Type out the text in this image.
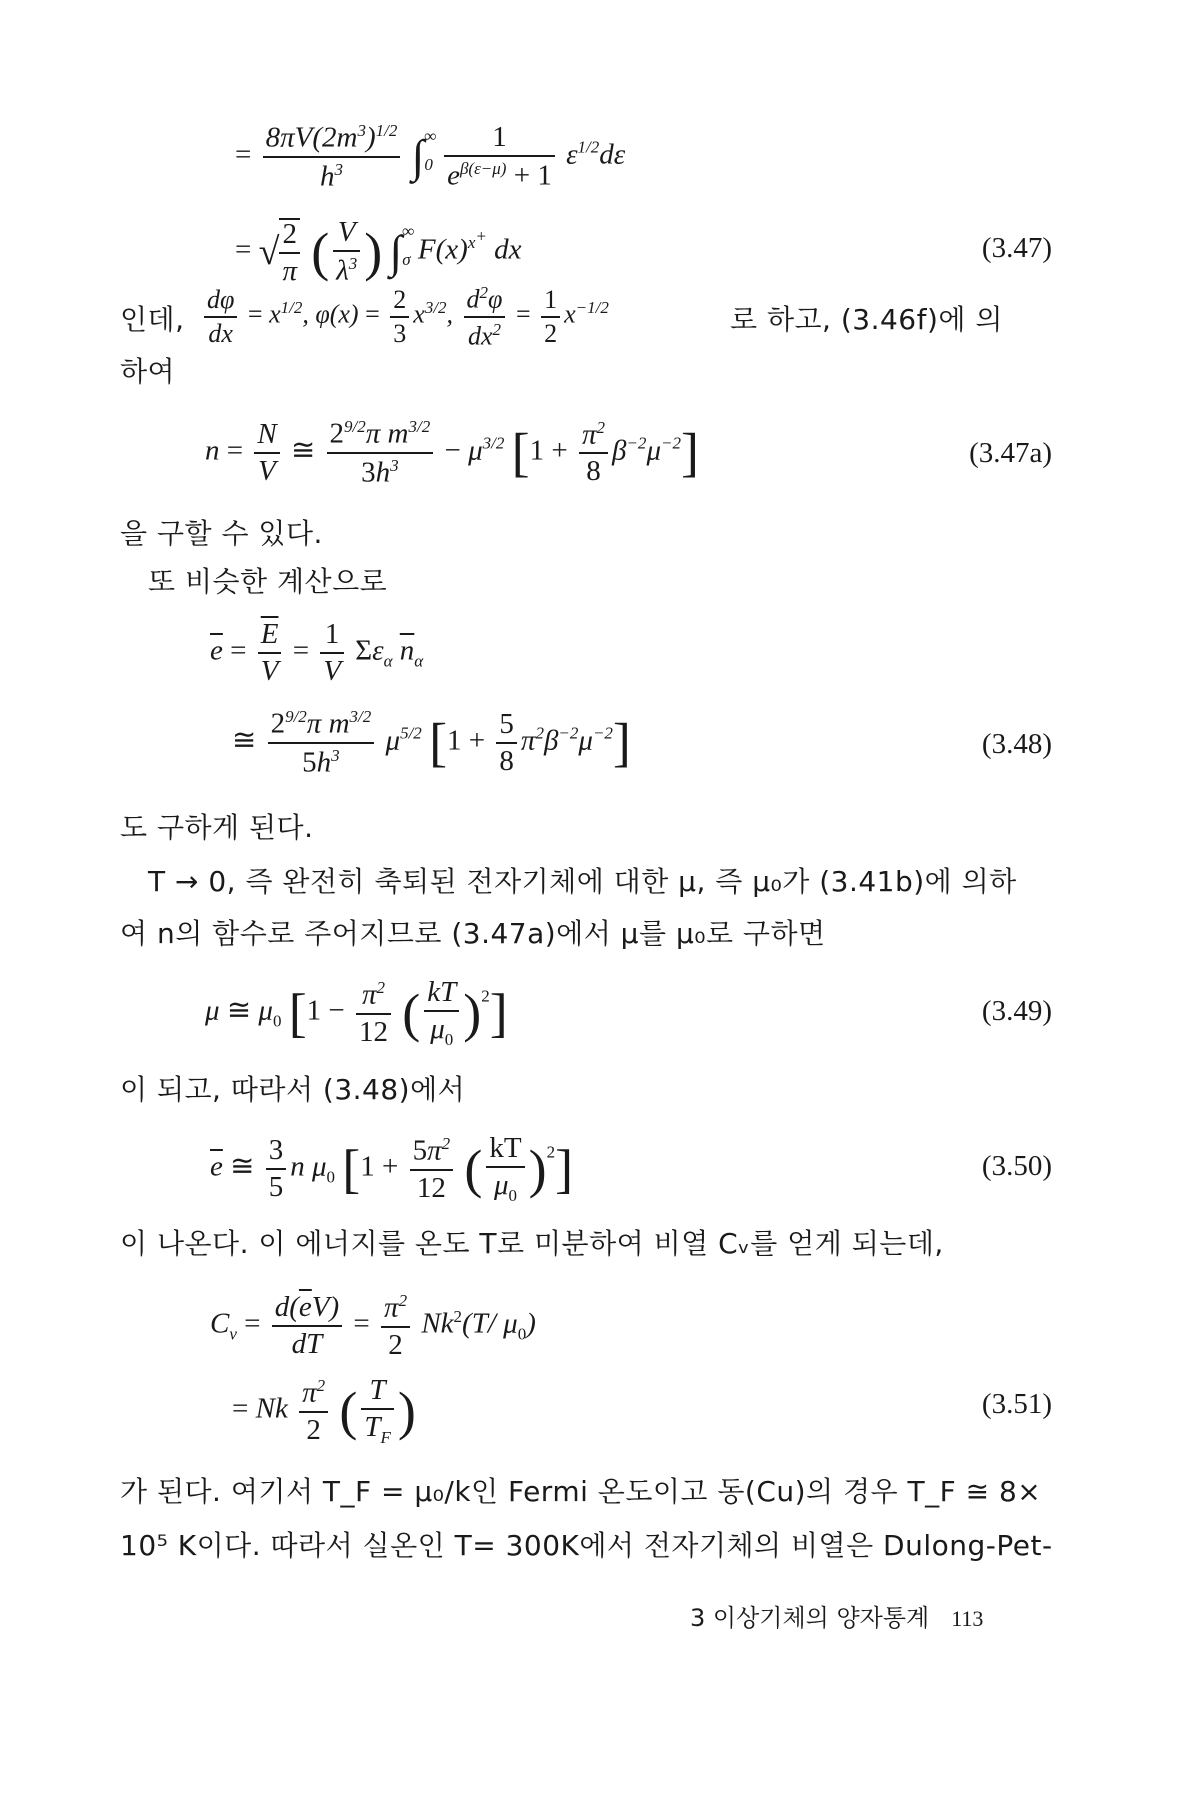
= $\frac{8\pi V(2m^3)^{1/2}}{h^3} \int^\infty_0 \frac{1}{e^{\beta(\varepsilon-\mu)} + 1} \varepsilon^{1/2}d\varepsilon$
= √ $\frac{2}{\pi}$ ( $\frac{V}{\lambda^3}$ ) $\int^\infty_\sigma$ $F(x)^{x^+}$ dx	(3.47)
인데, $\frac{d\varphi}{dx} = x^{1/2}$, $\varphi(x) = \frac{2}{3} x^{3/2}$, $\frac{d^2\varphi}{dx^2} = \frac{1}{2} x^{-1/2}$	로 하고, (3.46f)에 의
하여
$n = \frac{N}{V}$ ≅ $\frac{2^{9/2}\pi m^{3/2}}{3h^3} - \mu^{3/2}$ $[1 + \frac{\pi^2}{8} \beta^{-2}\mu^{-2}]$	(3.47a)
을 구할 수 있다.
또 비슷한 계산으로
$\overline{e} = \frac{\overline{E}}{V} = \frac{1}{V} \Sigma\varepsilon_\alpha$ $\overline{n}_\alpha$
≅ $\frac{2^{9/2}\pi m^{3/2}}{5h^3} \mu^{5/2}$ $[1 + \frac{5}{8} \pi^2\beta^{-2}\mu^{-2}]$	(3.48)
도 구하게 된다.
T → 0, 즉 완전히 축퇴된 전자기체에 대한 μ, 즉 μ₀가 (3.41b)에 의하
여 n의 함수로 주어지므로 (3.47a)에서 μ를 μ₀로 구하면
μ ≅ $\mu_0$ [$1 - \frac{\pi^2}{12}$ ( $\frac{kT}{\mu_0} )^2$]	(3.49)
이 되고, 따라서 (3.48)에서
$\overline{e}$ ≅ $\frac{3}{5}$ n $\mu_0$ [$1 + \frac{5\pi^2}{12}$ ( $\frac{kT}{\mu_0} )^2$]	(3.50)
이 나온다. 이 에너지를 온도 T로 미분하여 비열 Cᵥ를 얻게 되는데,
$C_v = \frac{d(\overline{e}V)}{dT} = \frac{\pi^2}{2} Nk^2(T/$ $\mu_0$)
= Nk $\frac{\pi^2}{2}$ ( $\frac{T}{T_F}$ )	(3.51)
가 된다. 여기서 T_F = μ₀/k인 Fermi 온도이고 동(Cu)의 경우 T_F ≅ 8×
10⁵ K이다. 따라서 실온인 T= 300K에서 전자기체의 비열은 Dulong-Pet-
3 이상기체의 양자통계 113
